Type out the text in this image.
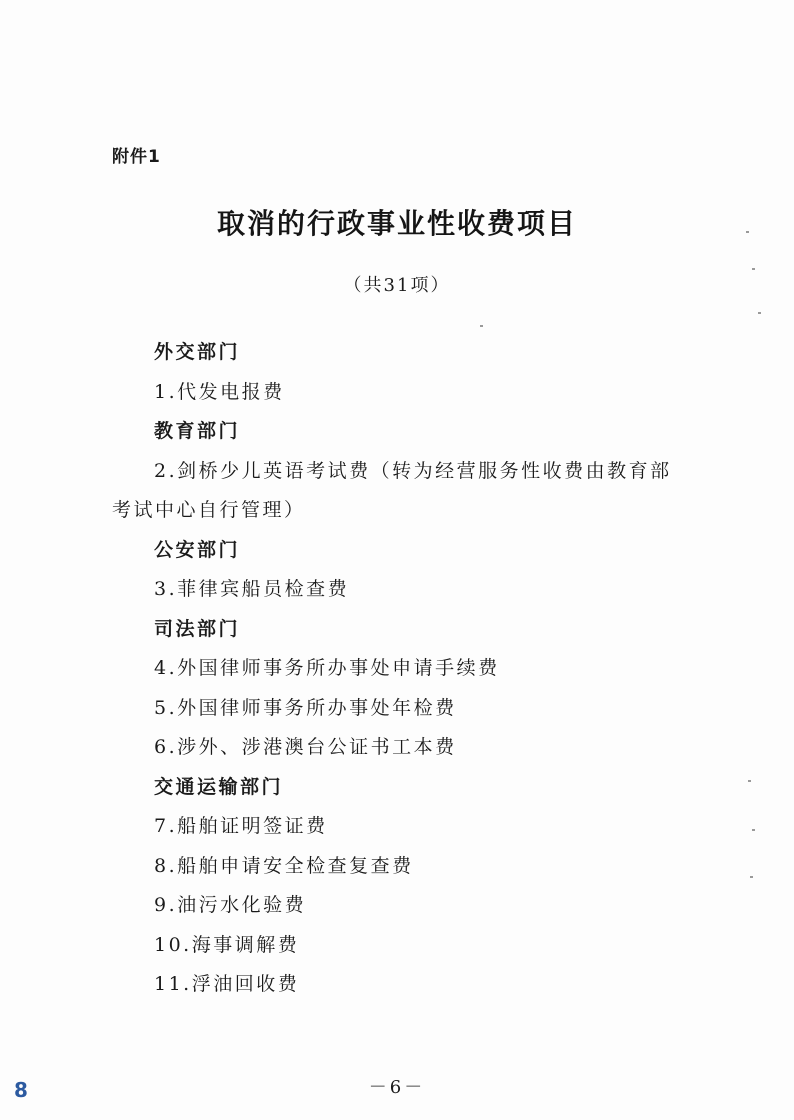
附件1
取消的行政事业性收费项目
（共31项）
外交部门
1.代发电报费
教育部门
2.剑桥少儿英语考试费（转为经营服务性收费由教育部
考试中心自行管理）
公安部门
3.菲律宾船员检查费
司法部门
4.外国律师事务所办事处申请手续费
5.外国律师事务所办事处年检费
6.涉外、涉港澳台公证书工本费
交通运输部门
7.船舶证明签证费
8.船舶申请安全检查复查费
9.油污水化验费
10.海事调解费
11.浮油回收费
－6－
8
